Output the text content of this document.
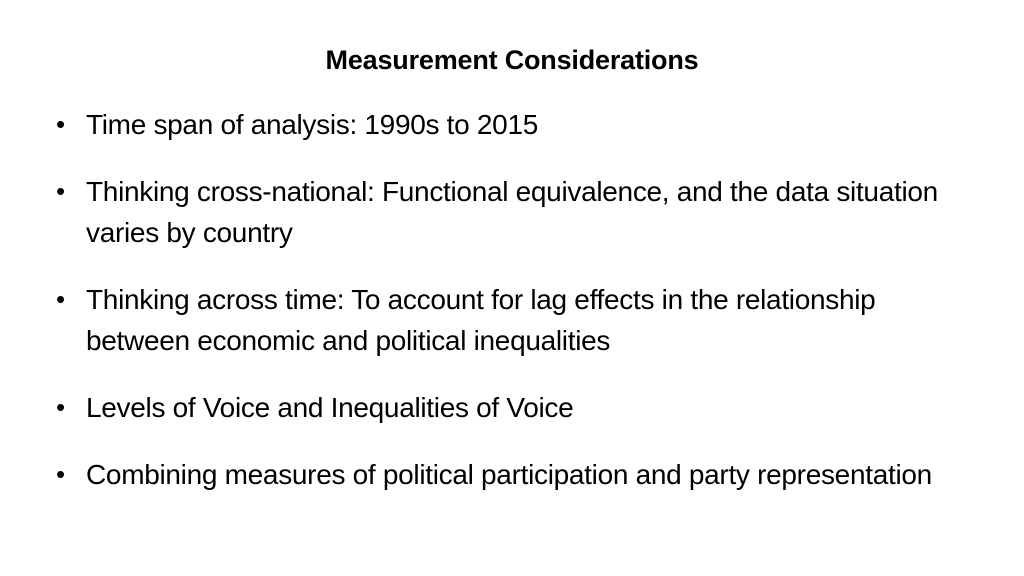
Measurement Considerations
• Time span of analysis: 1990s to 2015
• Thinking cross-national: Functional equivalence, and the data situation varies by country
• Thinking across time: To account for lag effects in the relationship between economic and political inequalities
• Levels of Voice and Inequalities of Voice
• Combining measures of political participation and party representation
